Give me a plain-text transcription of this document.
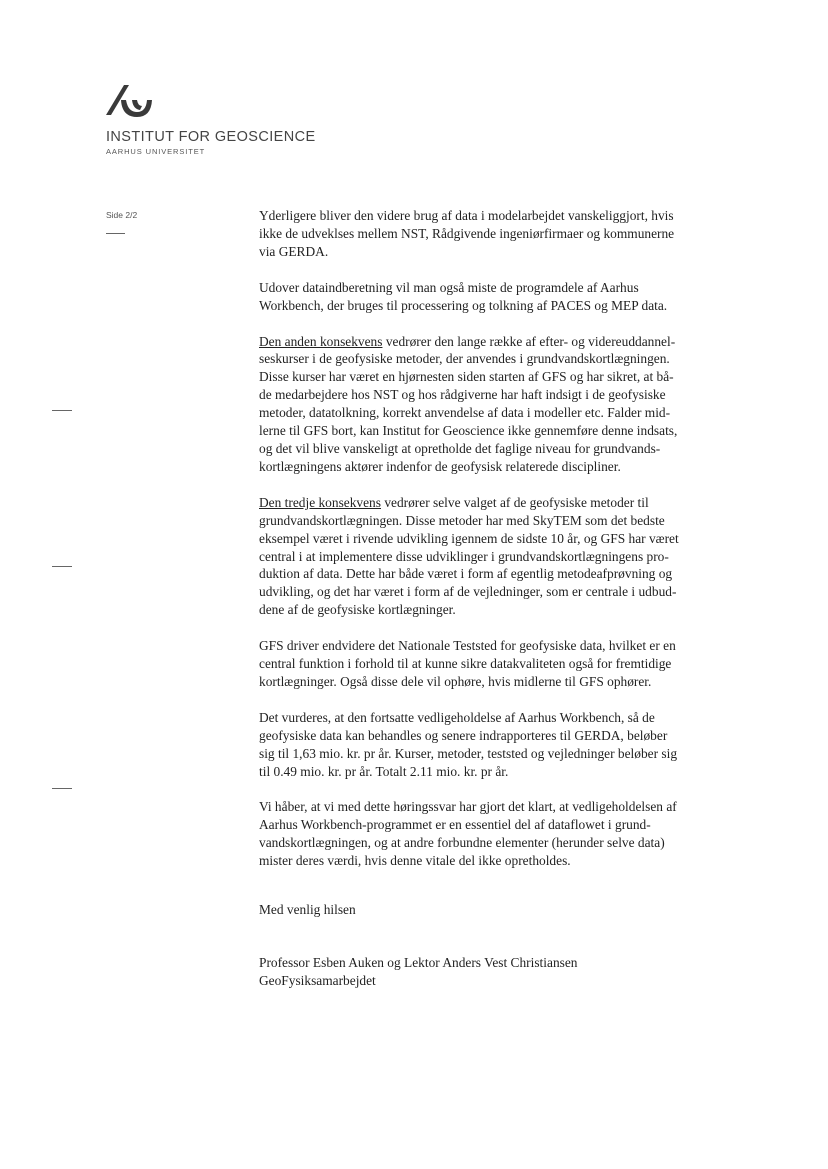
INSTITUT FOR GEOSCIENCE
AARHUS UNIVERSITET
Side 2/2	Yderligere bliver den videre brug af data i modelarbejdet vanskeliggjort, hvis
ikke de udveklses mellem NST, Rådgivende ingeniørfirmaer og kommunerne
via GERDA.

Udover dataindberetning vil man også miste de programdele af Aarhus
Workbench, der bruges til processering og tolkning af PACES og MEP data.

Den anden konsekvens vedrører den lange række af efter- og videreuddannel-
seskurser i de geofysiske metoder, der anvendes i grundvandskortlægningen.
Disse kurser har været en hjørnesten siden starten af GFS og har sikret, at bå-
de medarbejdere hos NST og hos rådgiverne har haft indsigt i de geofysiske
metoder, datatolkning, korrekt anvendelse af data i modeller etc. Falder mid-
lerne til GFS bort, kan Institut for Geoscience ikke gennemføre denne indsats,
og det vil blive vanskeligt at opretholde det faglige niveau for grundvands-
kortlægningens aktører indenfor de geofysisk relaterede discipliner.

Den tredje konsekvens vedrører selve valget af de geofysiske metoder til
grundvandskortlægningen. Disse metoder har med SkyTEM som det bedste
eksempel været i rivende udvikling igennem de sidste 10 år, og GFS har været
central i at implementere disse udviklinger i grundvandskortlægningens pro-
duktion af data. Dette har både været i form af egentlig metodeafprøvning og
udvikling, og det har været i form af de vejledninger, som er centrale i udbud-
dene af de geofysiske kortlægninger.

GFS driver endvidere det Nationale Teststed for geofysiske data, hvilket er en
central funktion i forhold til at kunne sikre datakvaliteten også for fremtidige
kortlægninger. Også disse dele vil ophøre, hvis midlerne til GFS ophører.

Det vurderes, at den fortsatte vedligeholdelse af Aarhus Workbench, så de
geofysiske data kan behandles og senere indrapporteres til GERDA, beløber
sig til 1,63 mio. kr. pr år. Kurser, metoder, teststed og vejledninger beløber sig
til 0.49 mio. kr. pr år. Totalt 2.11 mio. kr. pr år.

Vi håber, at vi med dette høringssvar har gjort det klart, at vedligeholdelsen af
Aarhus Workbench-programmet er en essentiel del af dataflowet i grund-
vandskortlægningen, og at andre forbundne elementer (herunder selve data)
mister deres værdi, hvis denne vitale del ikke opretholdes.

Med venlig hilsen

Professor Esben Auken og Lektor Anders Vest Christiansen
GeoFysiksamarbejdet
